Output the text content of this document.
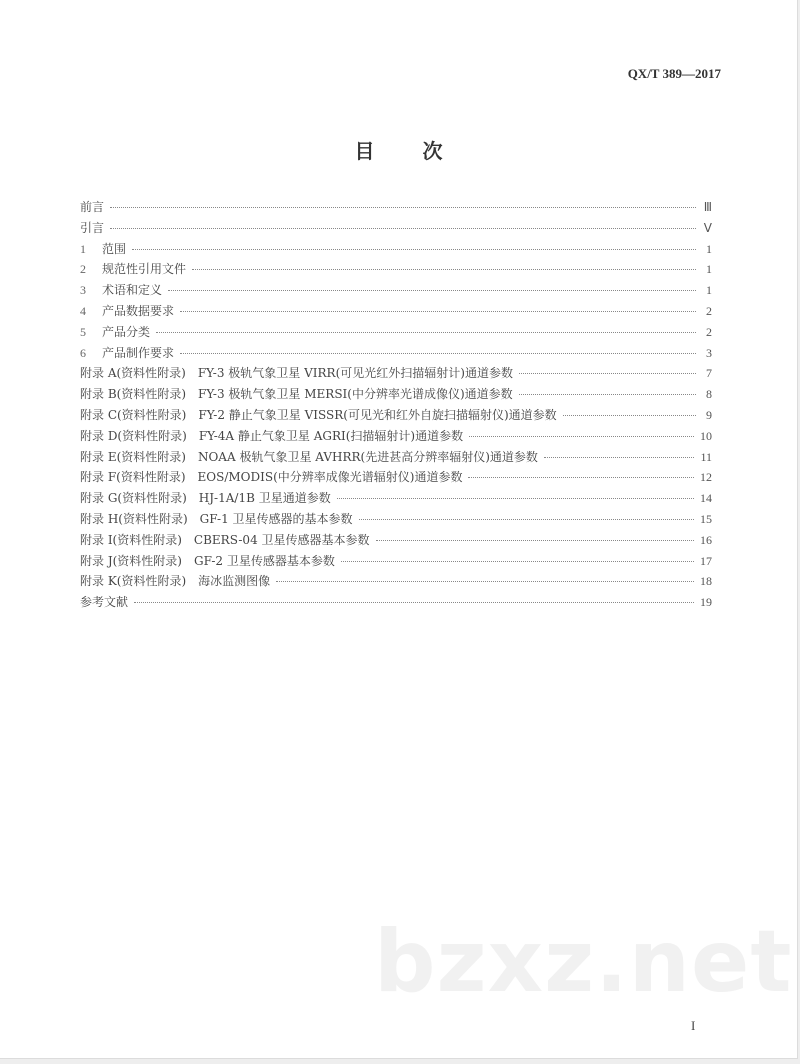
QX/T 389—2017
目次
前言	Ⅲ
引言	Ⅴ
1	范围	1
2	规范性引用文件	1
3	术语和定义	1
4	产品数据要求	2
5	产品分类	2
6	产品制作要求	3
附录 A(资料性附录) FY-3 极轨气象卫星 VIRR(可见光红外扫描辐射计)通道参数	7
附录 B(资料性附录) FY-3 极轨气象卫星 MERSI(中分辨率光谱成像仪)通道参数	8
附录 C(资料性附录) FY-2 静止气象卫星 VISSR(可见光和红外自旋扫描辐射仪)通道参数	9
附录 D(资料性附录) FY-4A 静止气象卫星 AGRI(扫描辐射计)通道参数	10
附录 E(资料性附录) NOAA 极轨气象卫星 AVHRR(先进甚高分辨率辐射仪)通道参数	11
附录 F(资料性附录) EOS/MODIS(中分辨率成像光谱辐射仪)通道参数	12
附录 G(资料性附录) HJ-1A/1B 卫星通道参数	14
附录 H(资料性附录) GF-1 卫星传感器的基本参数	15
附录 I(资料性附录) CBERS-04 卫星传感器基本参数	16
附录 J(资料性附录) GF-2 卫星传感器基本参数	17
附录 K(资料性附录) 海冰监测图像	18
参考文献	19
bzxz.net
I
